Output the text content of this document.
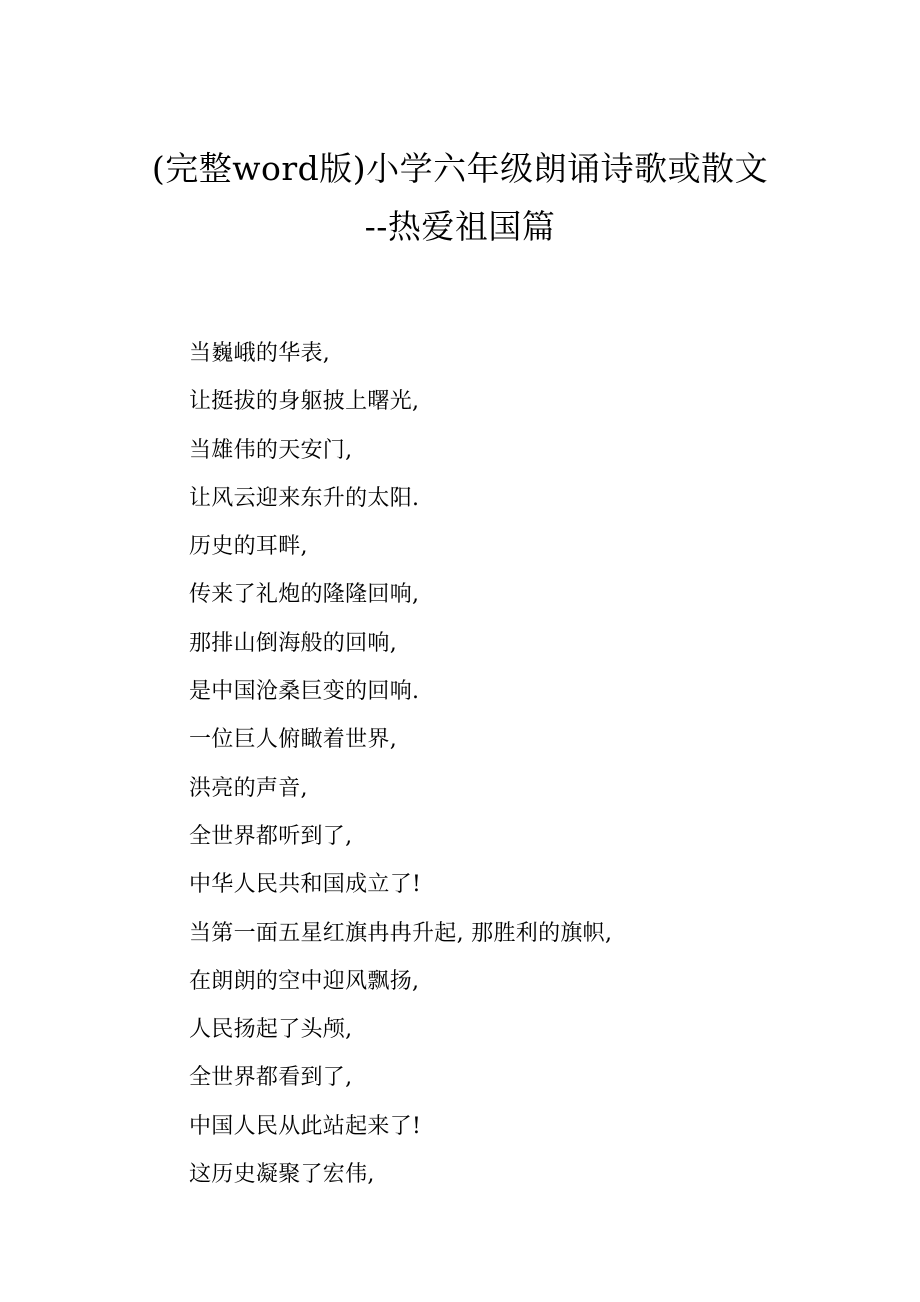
(完整word版)小学六年级朗诵诗歌或散文
--热爱祖国篇
当巍峨的华表,
让挺拔的身躯披上曙光,
当雄伟的天安门,
让风云迎来东升的太阳.
历史的耳畔,
传来了礼炮的隆隆回响,
那排山倒海般的回响,
是中国沧桑巨变的回响.
一位巨人俯瞰着世界,
洪亮的声音,
全世界都听到了,
中华人民共和国成立了!
当第一面五星红旗冉冉升起, 那胜利的旗帜,
在朗朗的空中迎风飘扬,
人民扬起了头颅,
全世界都看到了,
中国人民从此站起来了!
这历史凝聚了宏伟,
